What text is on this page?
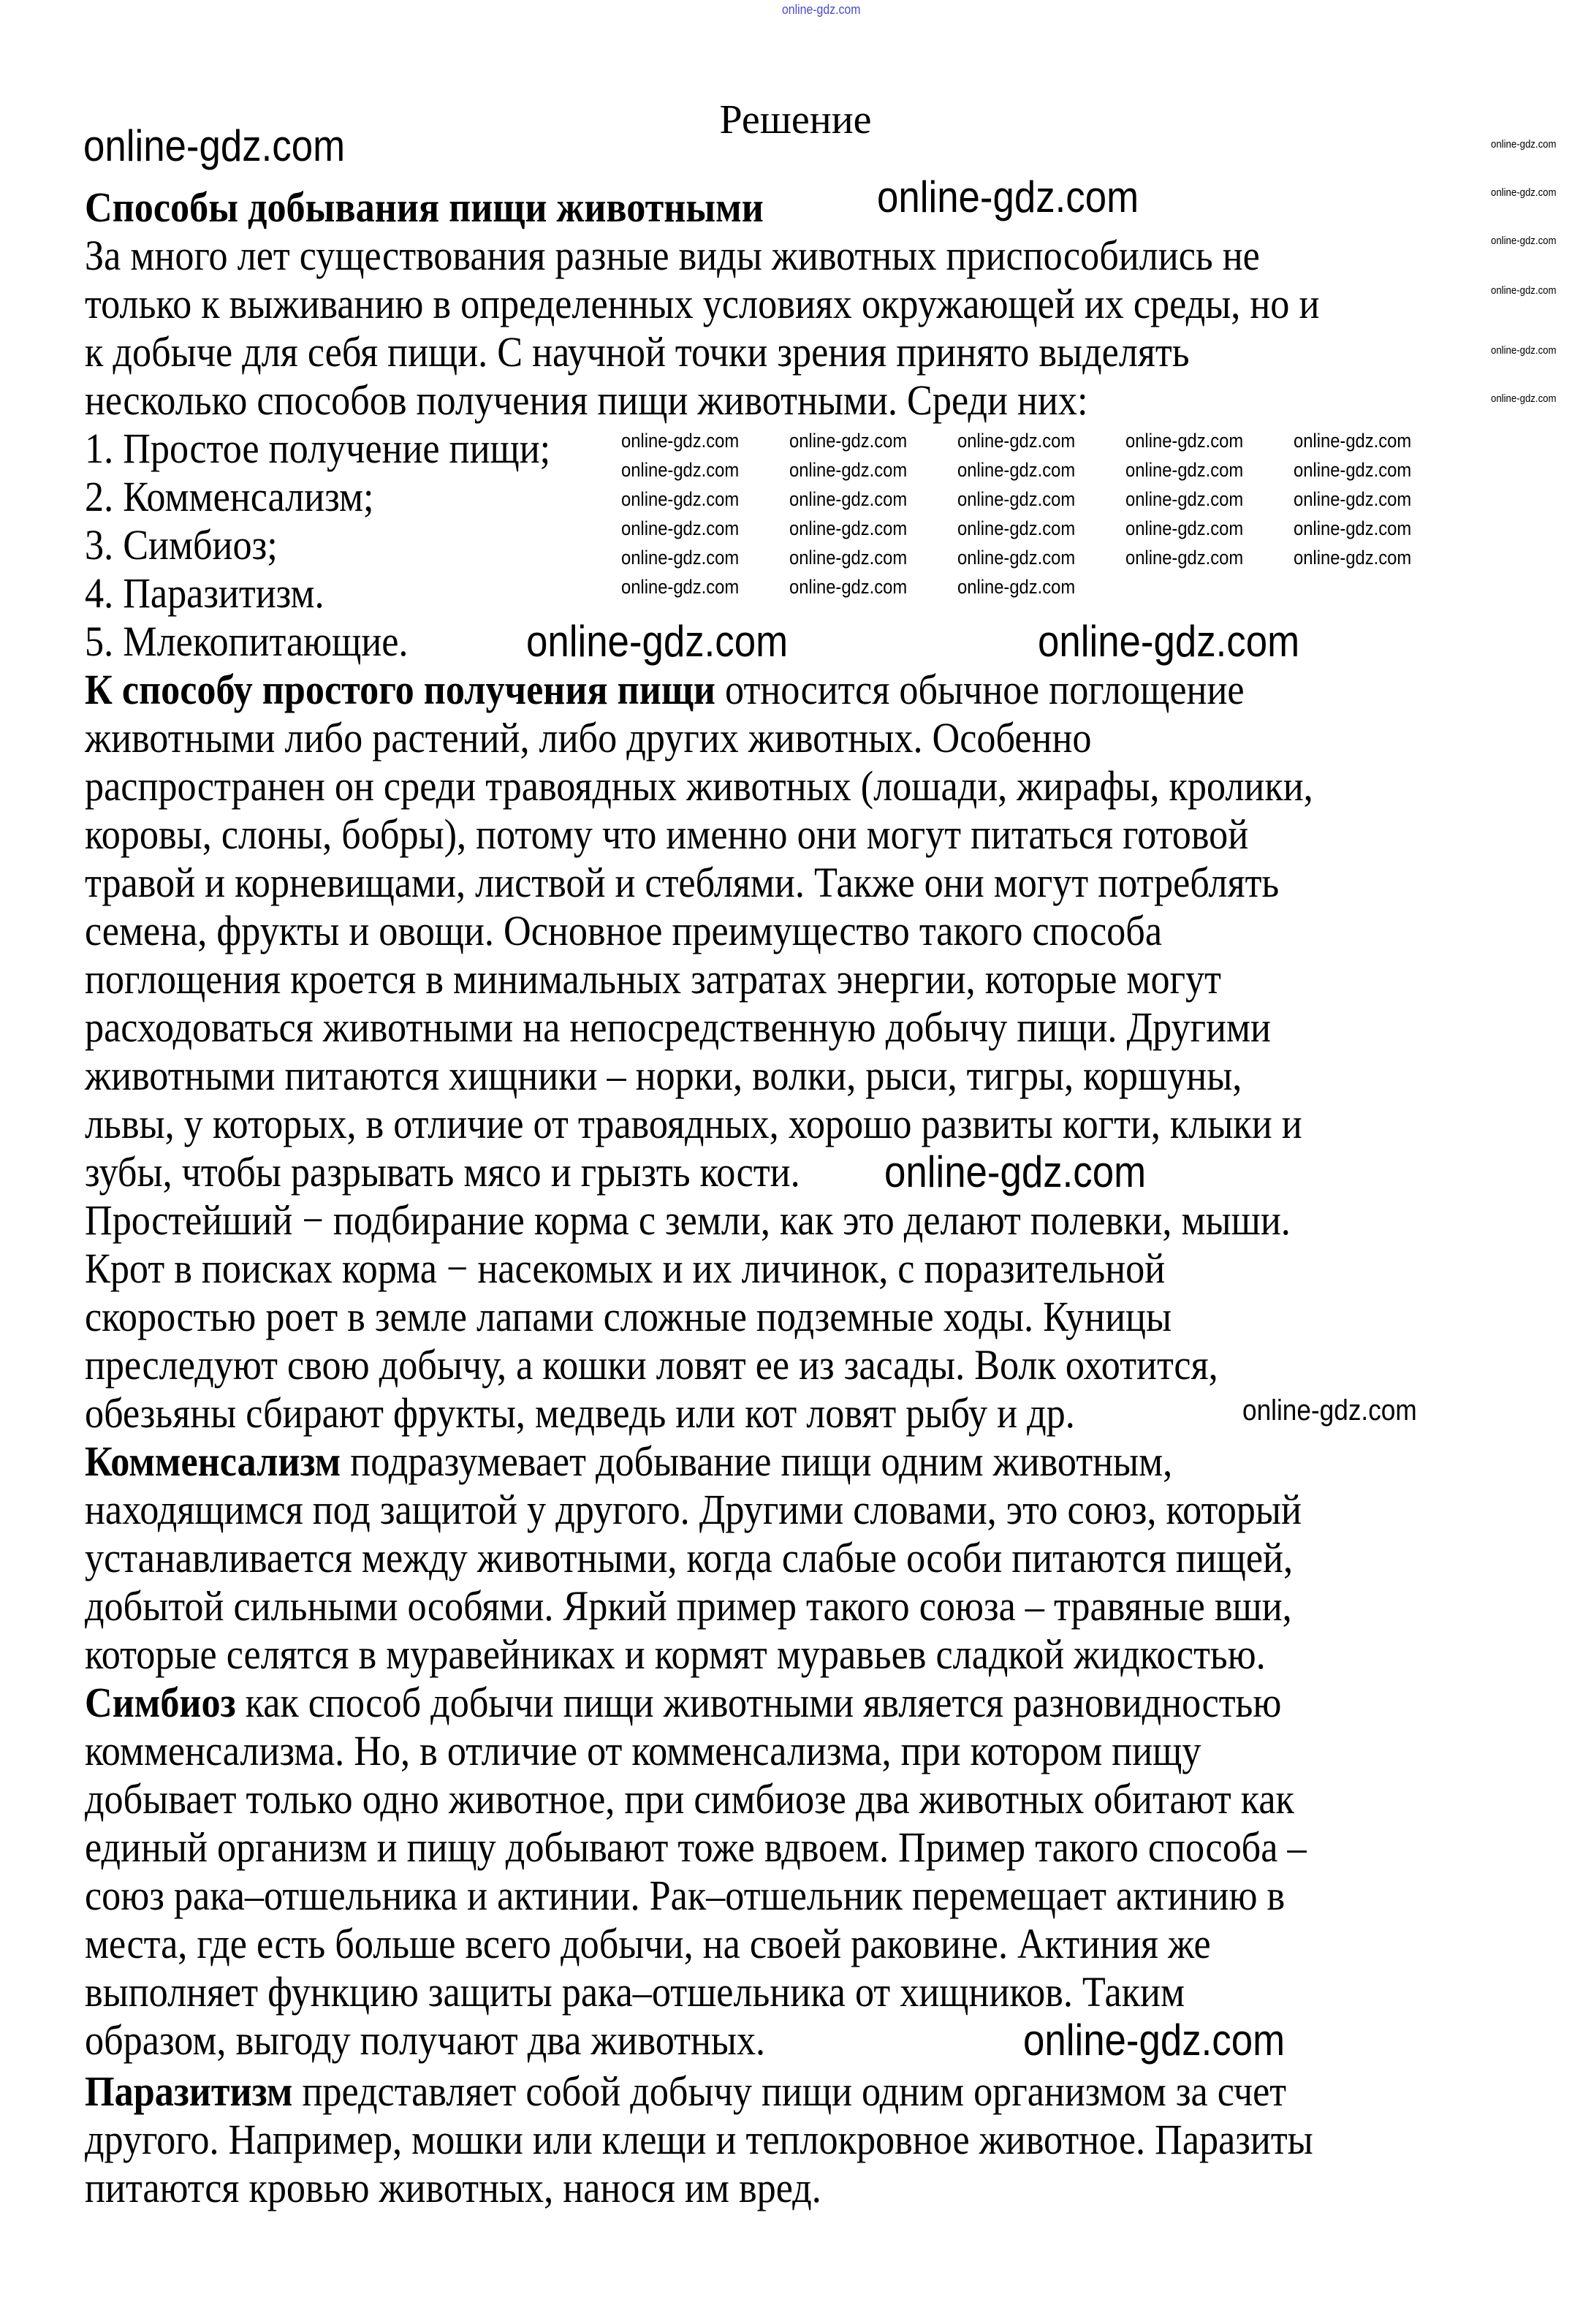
Решение
Способы добывания пищи животными
За много лет существования разные виды животных приспособились не
только к выживанию в определенных условиях окружающей их среды, но и
к добыче для себя пищи. С научной точки зрения принято выделять
несколько способов получения пищи животными. Среди них:
1. Простое получение пищи;
2. Комменсализм;
3. Симбиоз;
4. Паразитизм.
5. Млекопитающие.
К способу простого получения пищи относится обычное поглощение
животными либо растений, либо других животных. Особенно
распространен он среди травоядных животных (лошади, жирафы, кролики,
коровы, слоны, бобры), потому что именно они могут питаться готовой
травой и корневищами, листвой и стеблями. Также они могут потреблять
семена, фрукты и овощи. Основное преимущество такого способа
поглощения кроется в минимальных затратах энергии, которые могут
расходоваться животными на непосредственную добычу пищи. Другими
животными питаются хищники – норки, волки, рыси, тигры, коршуны,
львы, у которых, в отличие от травоядных, хорошо развиты когти, клыки и
зубы, чтобы разрывать мясо и грызть кости.
Простейший − подбирание корма с земли, как это делают полевки, мыши.
Крот в поисках корма − насекомых и их личинок, с поразительной
скоростью роет в земле лапами сложные подземные ходы. Куницы
преследуют свою добычу, а кошки ловят ее из засады. Волк охотится,
обезьяны сбирают фрукты, медведь или кот ловят рыбу и др.
Комменсализм подразумевает добывание пищи одним животным,
находящимся под защитой у другого. Другими словами, это союз, который
устанавливается между животными, когда слабые особи питаются пищей,
добытой сильными особями. Яркий пример такого союза – травяные вши,
которые селятся в муравейниках и кормят муравьев сладкой жидкостью.
Симбиоз как способ добычи пищи животными является разновидностью
комменсализма. Но, в отличие от комменсализма, при котором пищу
добывает только одно животное, при симбиозе два животных обитают как
единый организм и пищу добывают тоже вдвоем. Пример такого способа –
союз рака–отшельника и актинии. Рак–отшельник перемещает актинию в
места, где есть больше всего добычи, на своей раковине. Актиния же
выполняет функцию защиты рака–отшельника от хищников. Таким
образом, выгоду получают два животных.
Паразитизм представляет собой добычу пищи одним организмом за счет
другого. Например, мошки или клещи и теплокровное животное. Паразиты
питаются кровью животных, нанося им вред.
online-gdz.com
online-gdz.com
online-gdz.com
online-gdz.com	online-gdz.com
online-gdz.com
online-gdz.com
online-gdz.com
online-gdz.com
online-gdz.com
online-gdz.com
online-gdz.com
online-gdz.com
online-gdz.com
online-gdz.com	online-gdz.com	online-gdz.com	online-gdz.com	online-gdz.com
online-gdz.com	online-gdz.com	online-gdz.com	online-gdz.com	online-gdz.com
online-gdz.com	online-gdz.com	online-gdz.com	online-gdz.com	online-gdz.com
online-gdz.com	online-gdz.com	online-gdz.com	online-gdz.com	online-gdz.com
online-gdz.com	online-gdz.com	online-gdz.com	online-gdz.com	online-gdz.com
online-gdz.com	online-gdz.com	online-gdz.com
